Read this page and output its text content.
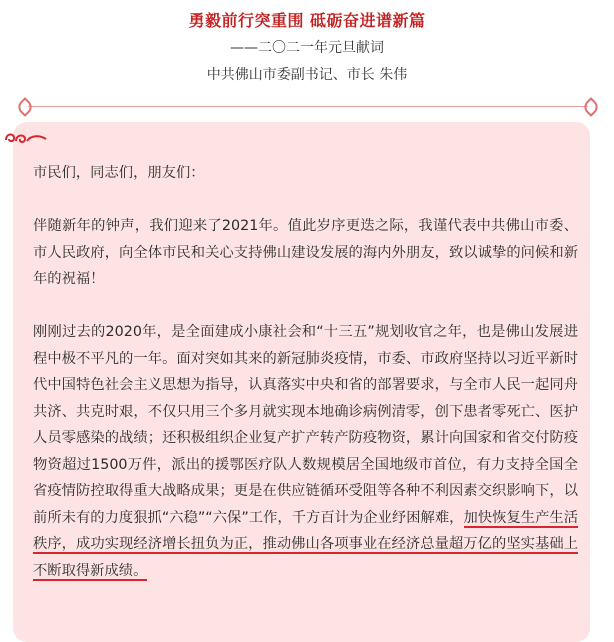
勇毅前行突重围 砥砺奋进谱新篇
——二〇二一年元旦献词
中共佛山市委副书记、市长 朱伟

市民们，同志们，朋友们：

伴随新年的钟声，我们迎来了2021年。值此岁序更迭之际，我谨代表中共佛山市委、市人民政府，向全体市民和关心支持佛山建设发展的海内外朋友，致以诚挚的问候和新年的祝福！

刚刚过去的2020年，是全面建成小康社会和“十三五”规划收官之年，也是佛山发展进程中极不平凡的一年。面对突如其来的新冠肺炎疫情，市委、市政府坚持以习近平新时代中国特色社会主义思想为指导，认真落实中央和省的部署要求，与全市人民一起同舟共济、共克时艰，不仅只用三个多月就实现本地确诊病例清零，创下患者零死亡、医护人员零感染的战绩；还积极组织企业复产扩产转产防疫物资，累计向国家和省交付防疫物资超过1500万件，派出的援鄂医疗队人数规模居全国地级市首位，有力支持全国全省疫情防控取得重大战略成果；更是在供应链循环受阻等各种不利因素交织影响下，以前所未有的力度狠抓“六稳”“六保”工作，千方百计为企业纾困解难，加快恢复生产生活秩序，成功实现经济增长扭负为正，推动佛山各项事业在经济总量超万亿的坚实基础上不断取得新成绩。
